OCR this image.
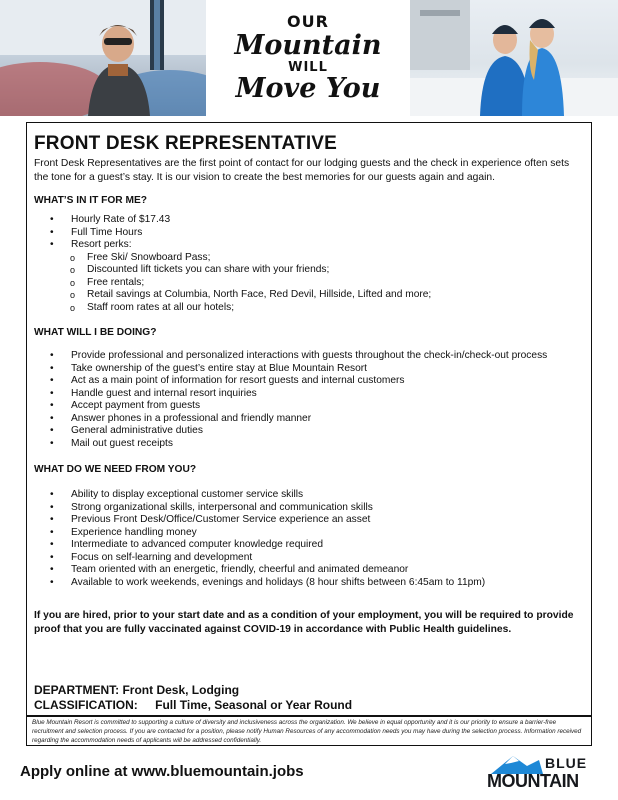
OUR
Mountain
WILL
Move You
FRONT DESK REPRESENTATIVE

Front Desk Representatives are the first point of contact for our lodging guests and the check in experience often sets the tone for a guest’s stay. It is our vision to create the best memories for our guests again and again.

WHAT’S IN IT FOR ME?
• Hourly Rate of $17.43
• Full Time Hours
• Resort perks:
o Free Ski/ Snowboard Pass;
o Discounted lift tickets you can share with your friends;
o Free rentals;
o Retail savings at Columbia, North Face, Red Devil, Hillside, Lifted and more;
o Staff room rates at all our hotels;
WHAT WILL I BE DOING?
• Provide professional and personalized interactions with guests throughout the check-in/check-out process
• Take ownership of the guest’s entire stay at Blue Mountain Resort
• Act as a main point of information for resort guests and internal customers
• Handle guest and internal resort inquiries
• Accept payment from guests
• Answer phones in a professional and friendly manner
• General administrative duties
• Mail out guest receipts
WHAT DO WE NEED FROM YOU?
• Ability to display exceptional customer service skills
• Strong organizational skills, interpersonal and communication skills
• Previous Front Desk/Office/Customer Service experience an asset
• Experience handling money
• Intermediate to advanced computer knowledge required
• Focus on self-learning and development
• Team oriented with an energetic, friendly, cheerful and animated demeanor
• Available to work weekends, evenings and holidays (8 hour shifts between 6:45am to 11pm)

If you are hired, prior to your start date and as a condition of your employment, you will be required to provide proof that you are fully vaccinated against COVID-19 in accordance with Public Health guidelines.

DEPARTMENT: Front Desk, Lodging
CLASSIFICATION: Full Time, Seasonal or Year Round
Blue Mountain Resort is committed to supporting a culture of diversity and inclusiveness across the organization. We believe in equal opportunity and it is our priority to ensure a barrier-free recruitment and selection process. If you are contacted for a position, please notify Human Resources of any accommodation needs you may have during the selection process. Information received regarding the accommodation needs of applicants will be addressed confidentially.
Apply online at www.bluemountain.jobs	BLUE
MOUNTAIN
